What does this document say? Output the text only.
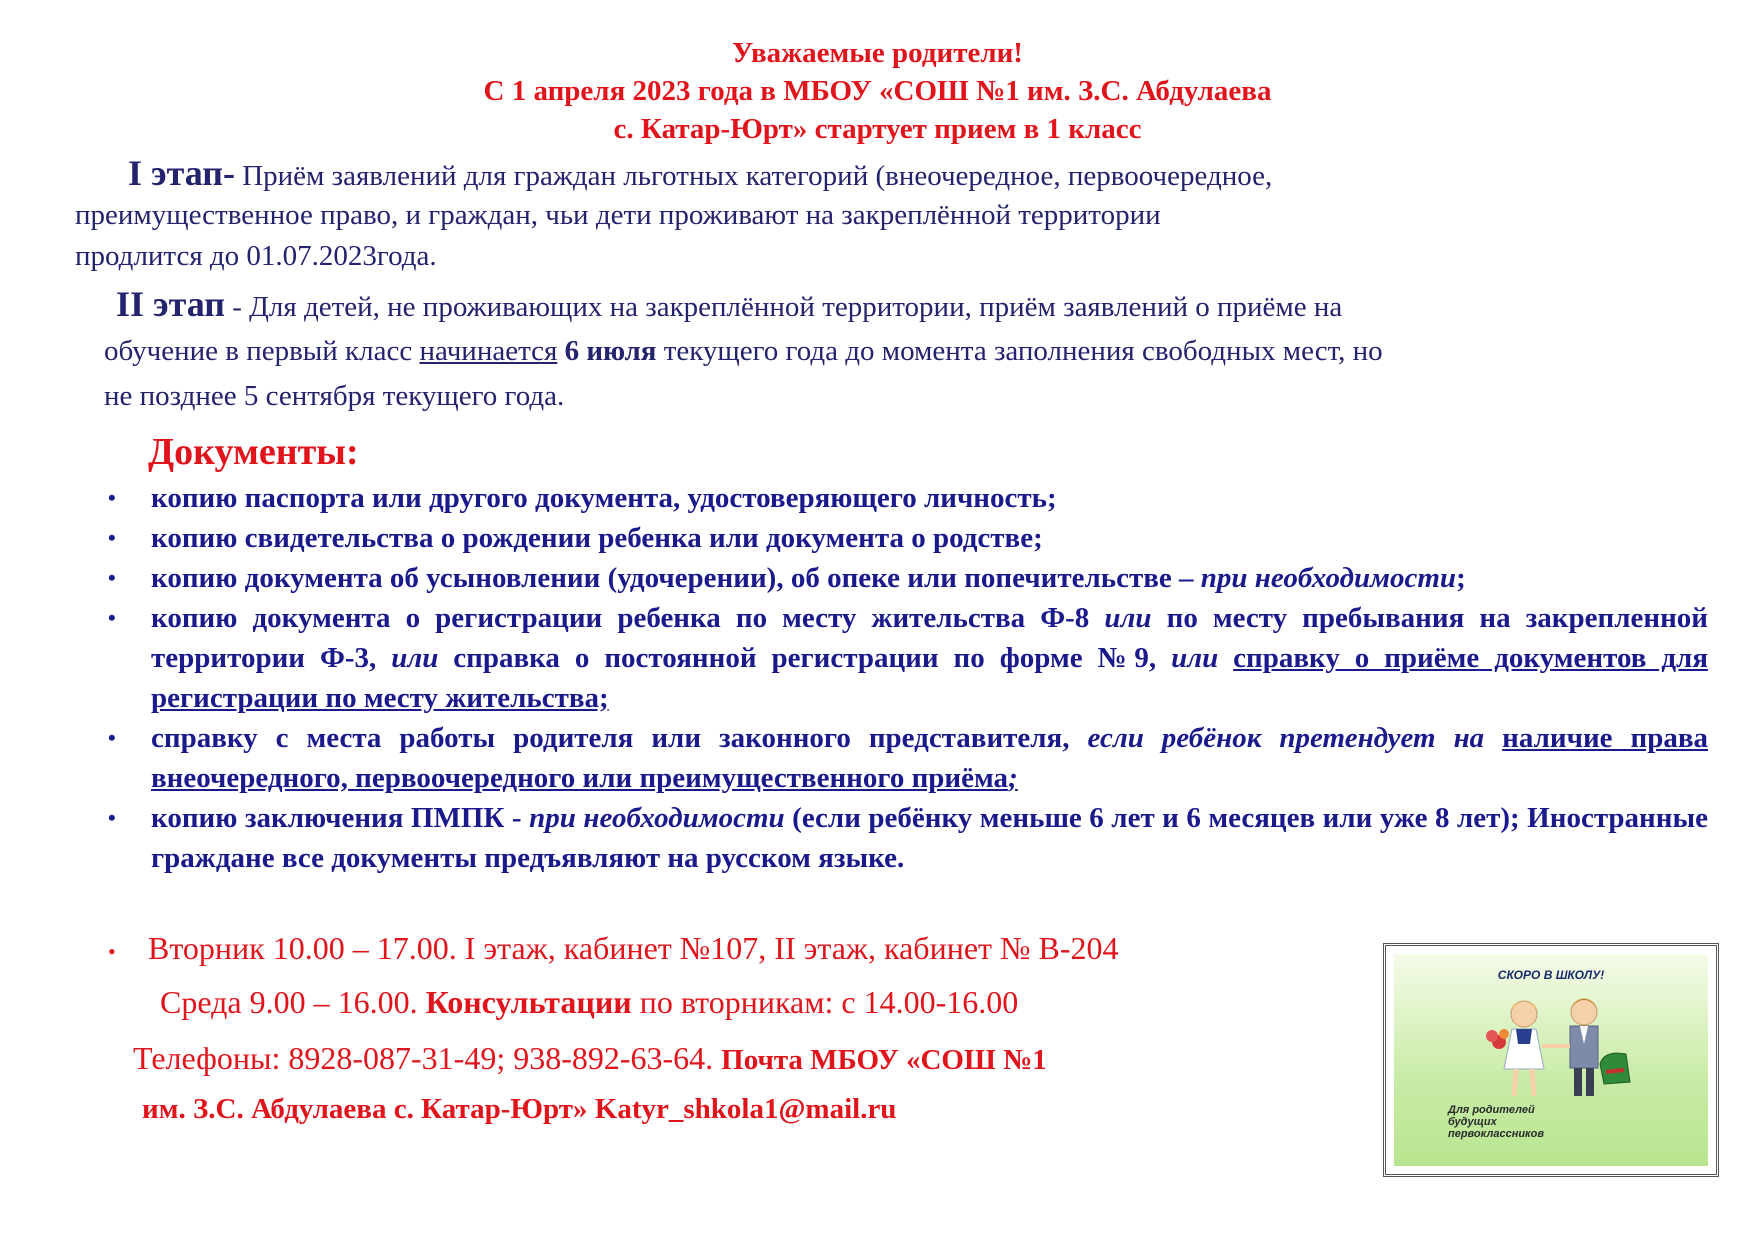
Уважаемые родители!
С 1 апреля 2023 года в МБОУ «СОШ №1 им. З.С. Абдулаева
с. Катар-Юрт» стартует прием в 1 класс
I этап- Приём заявлений для граждан льготных категорий (внеочередное, первоочередное,
преимущественное право, и граждан, чьи дети проживают на закреплённой территории
продлится до 01.07.2023года.
II этап - Для детей, не проживающих на закреплённой территории, приём заявлений о приёме на
обучение в первый класс начинается 6 июля текущего года до момента заполнения свободных мест, но
не позднее 5 сентября текущего года.
Документы:
• копию паспорта или другого документа, удостоверяющего личность;
• копию свидетельства о рождении ребенка или документа о родстве;
• копию документа об усыновлении (удочерении), об опеке или попечительстве – при необходимости;
• копию документа о регистрации ребенка по месту жительства Ф-8 или по месту пребывания на закрепленной территории Ф-3, или справка о постоянной регистрации по форме №9, или справку о приёме документов для регистрации по месту жительства;
• справку с места работы родителя или законного представителя, если ребёнок претендует на наличие права внеочередного, первоочередного или преимущественного приёма;
• копию заключения ПМПК - при необходимости (если ребёнку меньше 6 лет и 6 месяцев или уже 8 лет); Иностранные граждане все документы предъявляют на русском языке.
• Вторник 10.00 – 17.00. I этаж, кабинет №107, II этаж, кабинет № В-204
Среда 9.00 – 16.00. Консультации по вторникам: с 14.00-16.00
Телефоны: 8928-087-31-49; 938-892-63-64. Почта МБОУ «СОШ №1
им. З.С. Абдулаева с. Катар-Юрт» Katyr_shkola1@mail.ru
СКОРО В ШКОЛУ!
Для родителей
будущих
первоклассников
